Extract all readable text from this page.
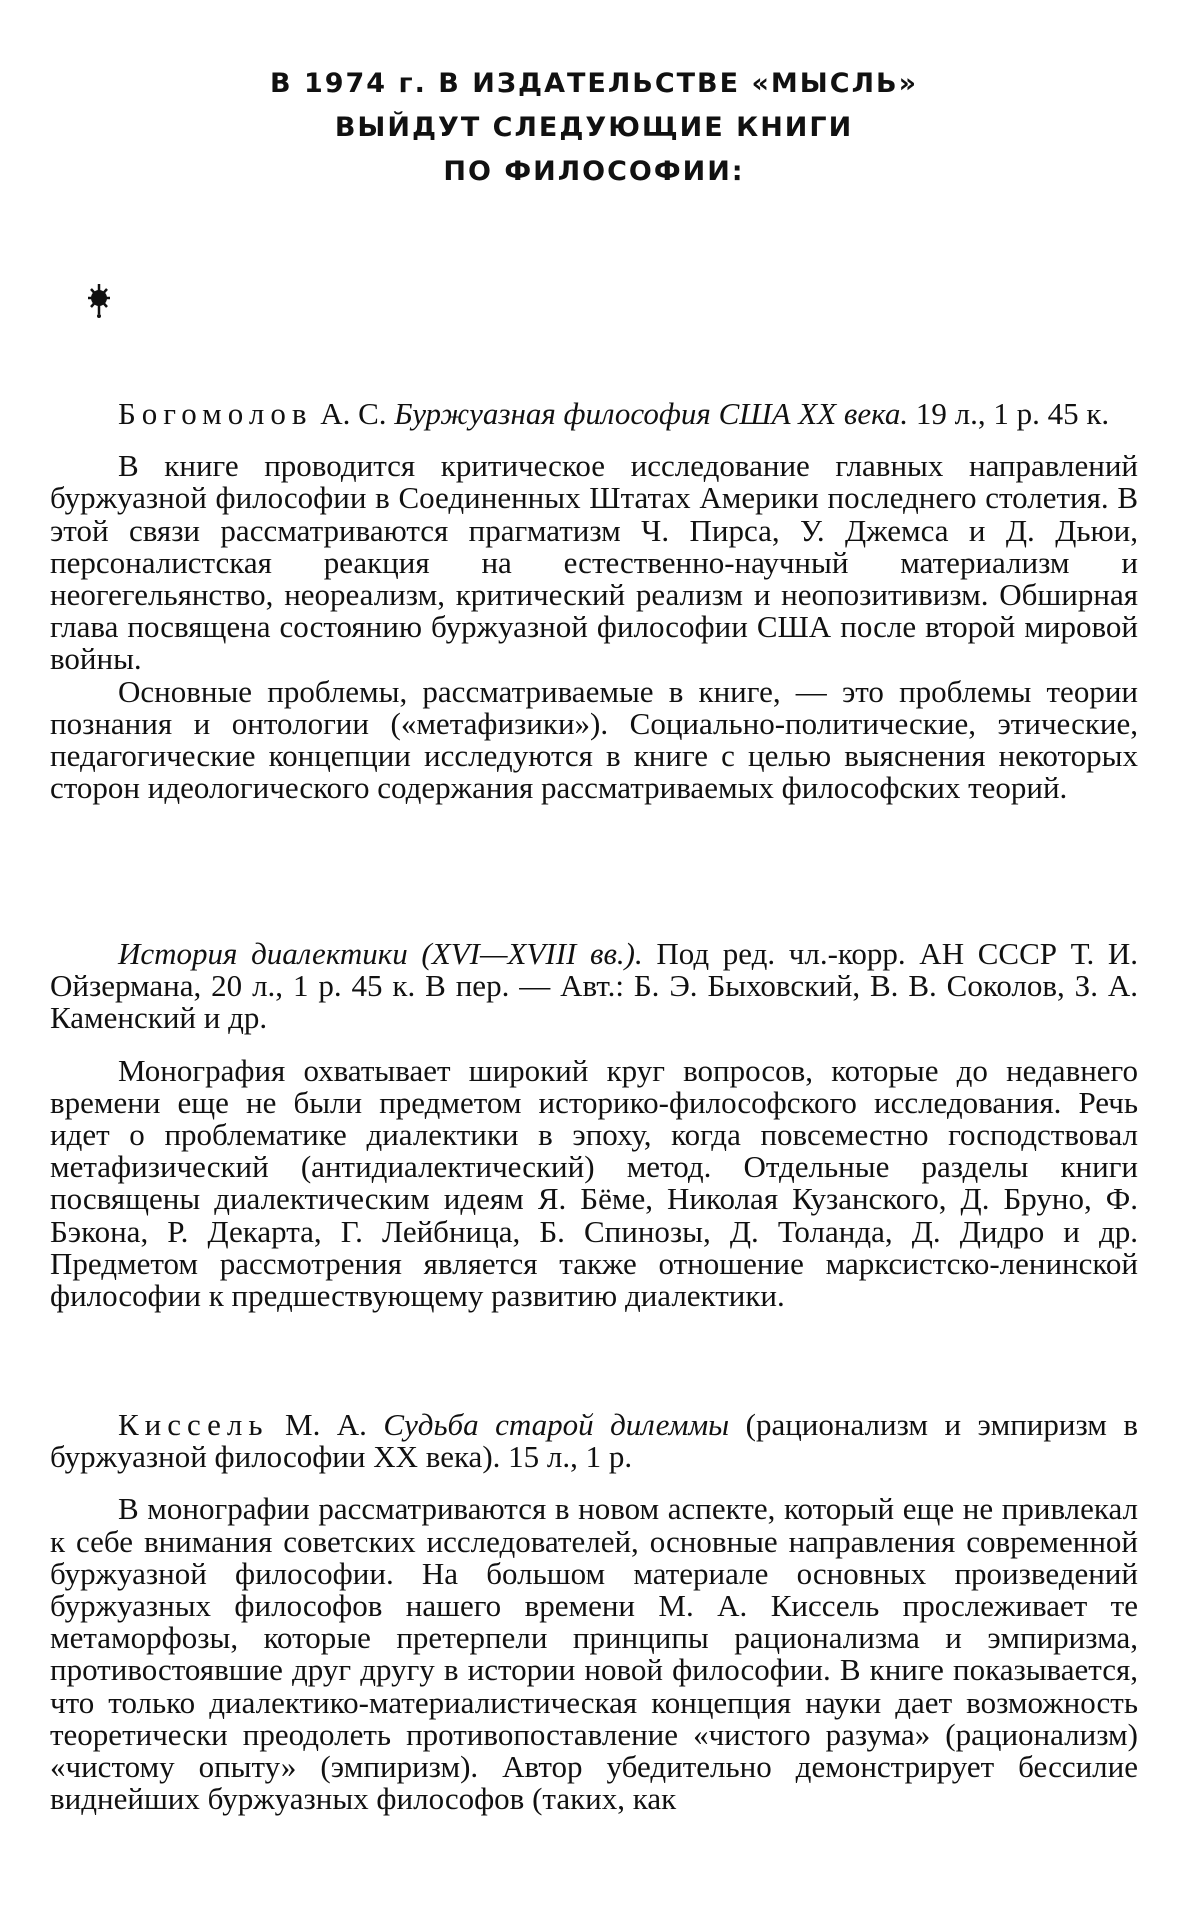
В 1974 г. В ИЗДАТЕЛЬСТВЕ «МЫСЛЬ»
ВЫЙДУТ СЛЕДУЮЩИЕ КНИГИ
ПО ФИЛОСОФИИ:

Богомолов А. С. Буржуазная философия США XX века. 19 л., 1 р. 45 к.

В книге проводится критическое исследование главных направлений буржуазной философии в Соединенных Штатах Америки последнего столетия. В этой связи рассматриваются прагматизм Ч. Пирса, У. Джемса и Д. Дьюи, персоналистская реакция на естественно-научный материализм и неогегельянство, неореализм, критический реализм и неопозитивизм. Обширная глава посвящена состоянию буржуазной философии США после второй мировой войны.

Основные проблемы, рассматриваемые в книге, — это проблемы теории познания и онтологии («метафизики»). Социально-политические, этические, педагогические концепции исследуются в книге с целью выяснения некоторых сторон идеологического содержания рассматриваемых философских теорий.

История диалектики (XVI—XVIII вв.). Под ред. чл.-корр. АН СССР Т. И. Ойзермана, 20 л., 1 р. 45 к. В пер. — Авт.: Б. Э. Быховский, В. В. Соколов, З. А. Каменский и др.

Монография охватывает широкий круг вопросов, которые до недавнего времени еще не были предметом историко-философского исследования. Речь идет о проблематике диалектики в эпоху, когда повсеместно господствовал метафизический (антидиалектический) метод. Отдельные разделы книги посвящены диалектическим идеям Я. Бёме, Николая Кузанского, Д. Бруно, Ф. Бэкона, Р. Декарта, Г. Лейбница, Б. Спинозы, Д. Толанда, Д. Дидро и др. Предметом рассмотрения является также отношение марксистско-ленинской философии к предшествующему развитию диалектики.

Киссель М. А. Судьба старой дилеммы (рационализм и эмпиризм в буржуазной философии XX века). 15 л., 1 р.

В монографии рассматриваются в новом аспекте, который еще не привлекал к себе внимания советских исследователей, основные направления современной буржуазной философии. На большом материале основных произведений буржуазных философов нашего времени М. А. Киссель прослеживает те метаморфозы, которые претерпели принципы рационализма и эмпиризма, противостоявшие друг другу в истории новой философии. В книге показывается, что только диалектико-материалистическая концепция науки дает возможность теоретически преодолеть противопоставление «чистого разума» (рационализм) «чистому опыту» (эмпиризм). Автор убедительно демонстрирует бессилие виднейших буржуазных философов (таких, как
